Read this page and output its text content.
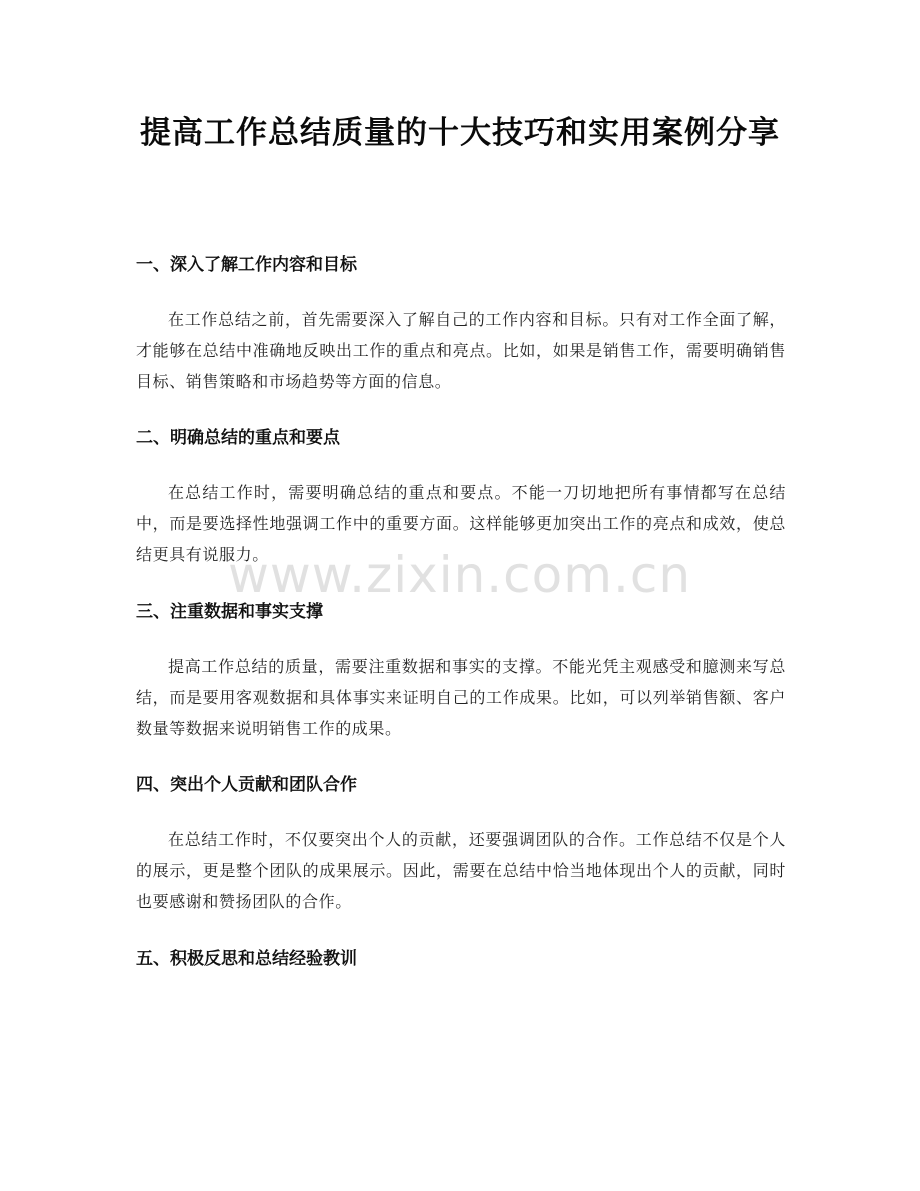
提高工作总结质量的十大技巧和实用案例分享
一、深入了解工作内容和目标

在工作总结之前，首先需要深入了解自己的工作内容和目标。只有对工作全面了解，才能够在总结中准确地反映出工作的重点和亮点。比如，如果是销售工作，需要明确销售目标、销售策略和市场趋势等方面的信息。

二、明确总结的重点和要点

在总结工作时，需要明确总结的重点和要点。不能一刀切地把所有事情都写在总结中，而是要选择性地强调工作中的重要方面。这样能够更加突出工作的亮点和成效，使总结更具有说服力。

三、注重数据和事实支撑

提高工作总结的质量，需要注重数据和事实的支撑。不能光凭主观感受和臆测来写总结，而是要用客观数据和具体事实来证明自己的工作成果。比如，可以列举销售额、客户数量等数据来说明销售工作的成果。

四、突出个人贡献和团队合作

在总结工作时，不仅要突出个人的贡献，还要强调团队的合作。工作总结不仅是个人的展示，更是整个团队的成果展示。因此，需要在总结中恰当地体现出个人的贡献，同时也要感谢和赞扬团队的合作。

五、积极反思和总结经验教训
www.zixin.com.cn
